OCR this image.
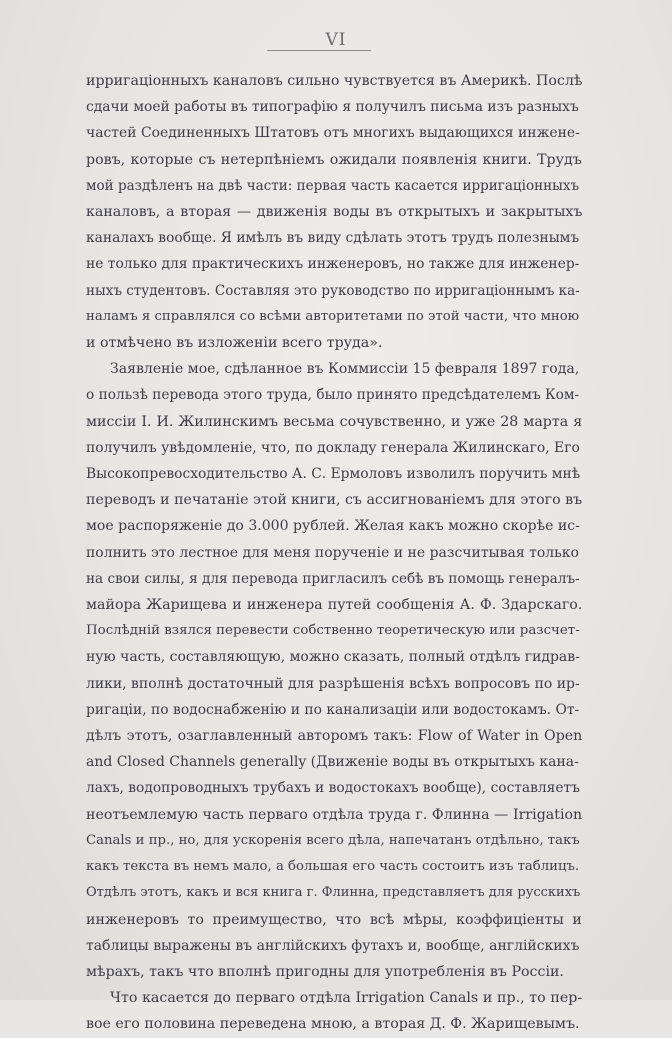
VI

ирригаціонныхъ каналовъ сильно чувствуется въ Америкѣ. Послѣ
сдачи моей работы въ типографію я получилъ письма изъ разныхъ
частей Соединенныхъ Штатовъ отъ многихъ выдающихся инжене-
ровъ, которые съ нетерпѣніемъ ожидали появленія книги. Трудъ
мой раздѣленъ на двѣ части: первая часть касается ирригаціонныхъ
каналовъ, а вторая — движенія воды въ открытыхъ и закрытыхъ
каналахъ вообще. Я имѣлъ въ виду сдѣлать этотъ трудъ полезнымъ
не только для практическихъ инженеровъ, но также для инженер-
ныхъ студентовъ. Составляя это руководство по ирригаціоннымъ ка-
наламъ я справлялся со всѣми авторитетами по этой части, что мною
и отмѣчено въ изложеніи всего труда».

Заявленіе мое, сдѣланное въ Коммиссіи 15 февраля 1897 года,
о пользѣ перевода этого труда, было принято предсѣдателемъ Ком-
миссіи I. И. Жилинскимъ весьма сочувственно, и уже 28 марта я
получилъ увѣдомленіе, что, по докладу генерала Жилинскаго, Его
Высокопревосходительство А. С. Ермоловъ изволилъ поручить мнѣ
переводъ и печатаніе этой книги, съ ассигнованіемъ для этого въ
мое распоряженіе до 3.000 рублей. Желая какъ можно скорѣе ис-
полнить это лестное для меня порученіе и не разсчитывая только
на свои силы, я для перевода пригласилъ себѣ въ помощь генералъ-
майора Жарищева и инженера путей сообщенія А. Ф. Здарскаго.
Послѣдній взялся перевести собственно теоретическую или разсчет-
ную часть, составляющую, можно сказать, полный отдѣлъ гидрав-
лики, вполнѣ достаточный для разрѣшенія всѣхъ вопросовъ по ир-
ригаціи, по водоснабженію и по канализаціи или водостокамъ. От-
дѣлъ этотъ, озаглавленный авторомъ такъ: Flow of Water in Open
and Closed Channels generally (Движеніе воды въ открытыхъ кана-
лахъ, водопроводныхъ трубахъ и водостокахъ вообще), составляетъ
неотъемлемую часть перваго отдѣла труда г. Флинна — Irrigation
Canals и пр., но, для ускоренія всего дѣла, напечатанъ отдѣльно, такъ
какъ текста въ немъ мало, а большая его часть состоитъ изъ таблицъ.
Отдѣлъ этотъ, какъ и вся книга г. Флинна, представляетъ для русскихъ
инженеровъ то преимущество, что всѣ мѣры, коэффиціенты и
таблицы выражены въ англійскихъ футахъ и, вообще, англійскихъ
мѣрахъ, такъ что вполнѣ пригодны для употребленія въ Россіи.

Что касается до перваго отдѣла Irrigation Canals и пр., то пер-
вое его половина переведена мною, а вторая Д. Ф. Жарищевымъ.
